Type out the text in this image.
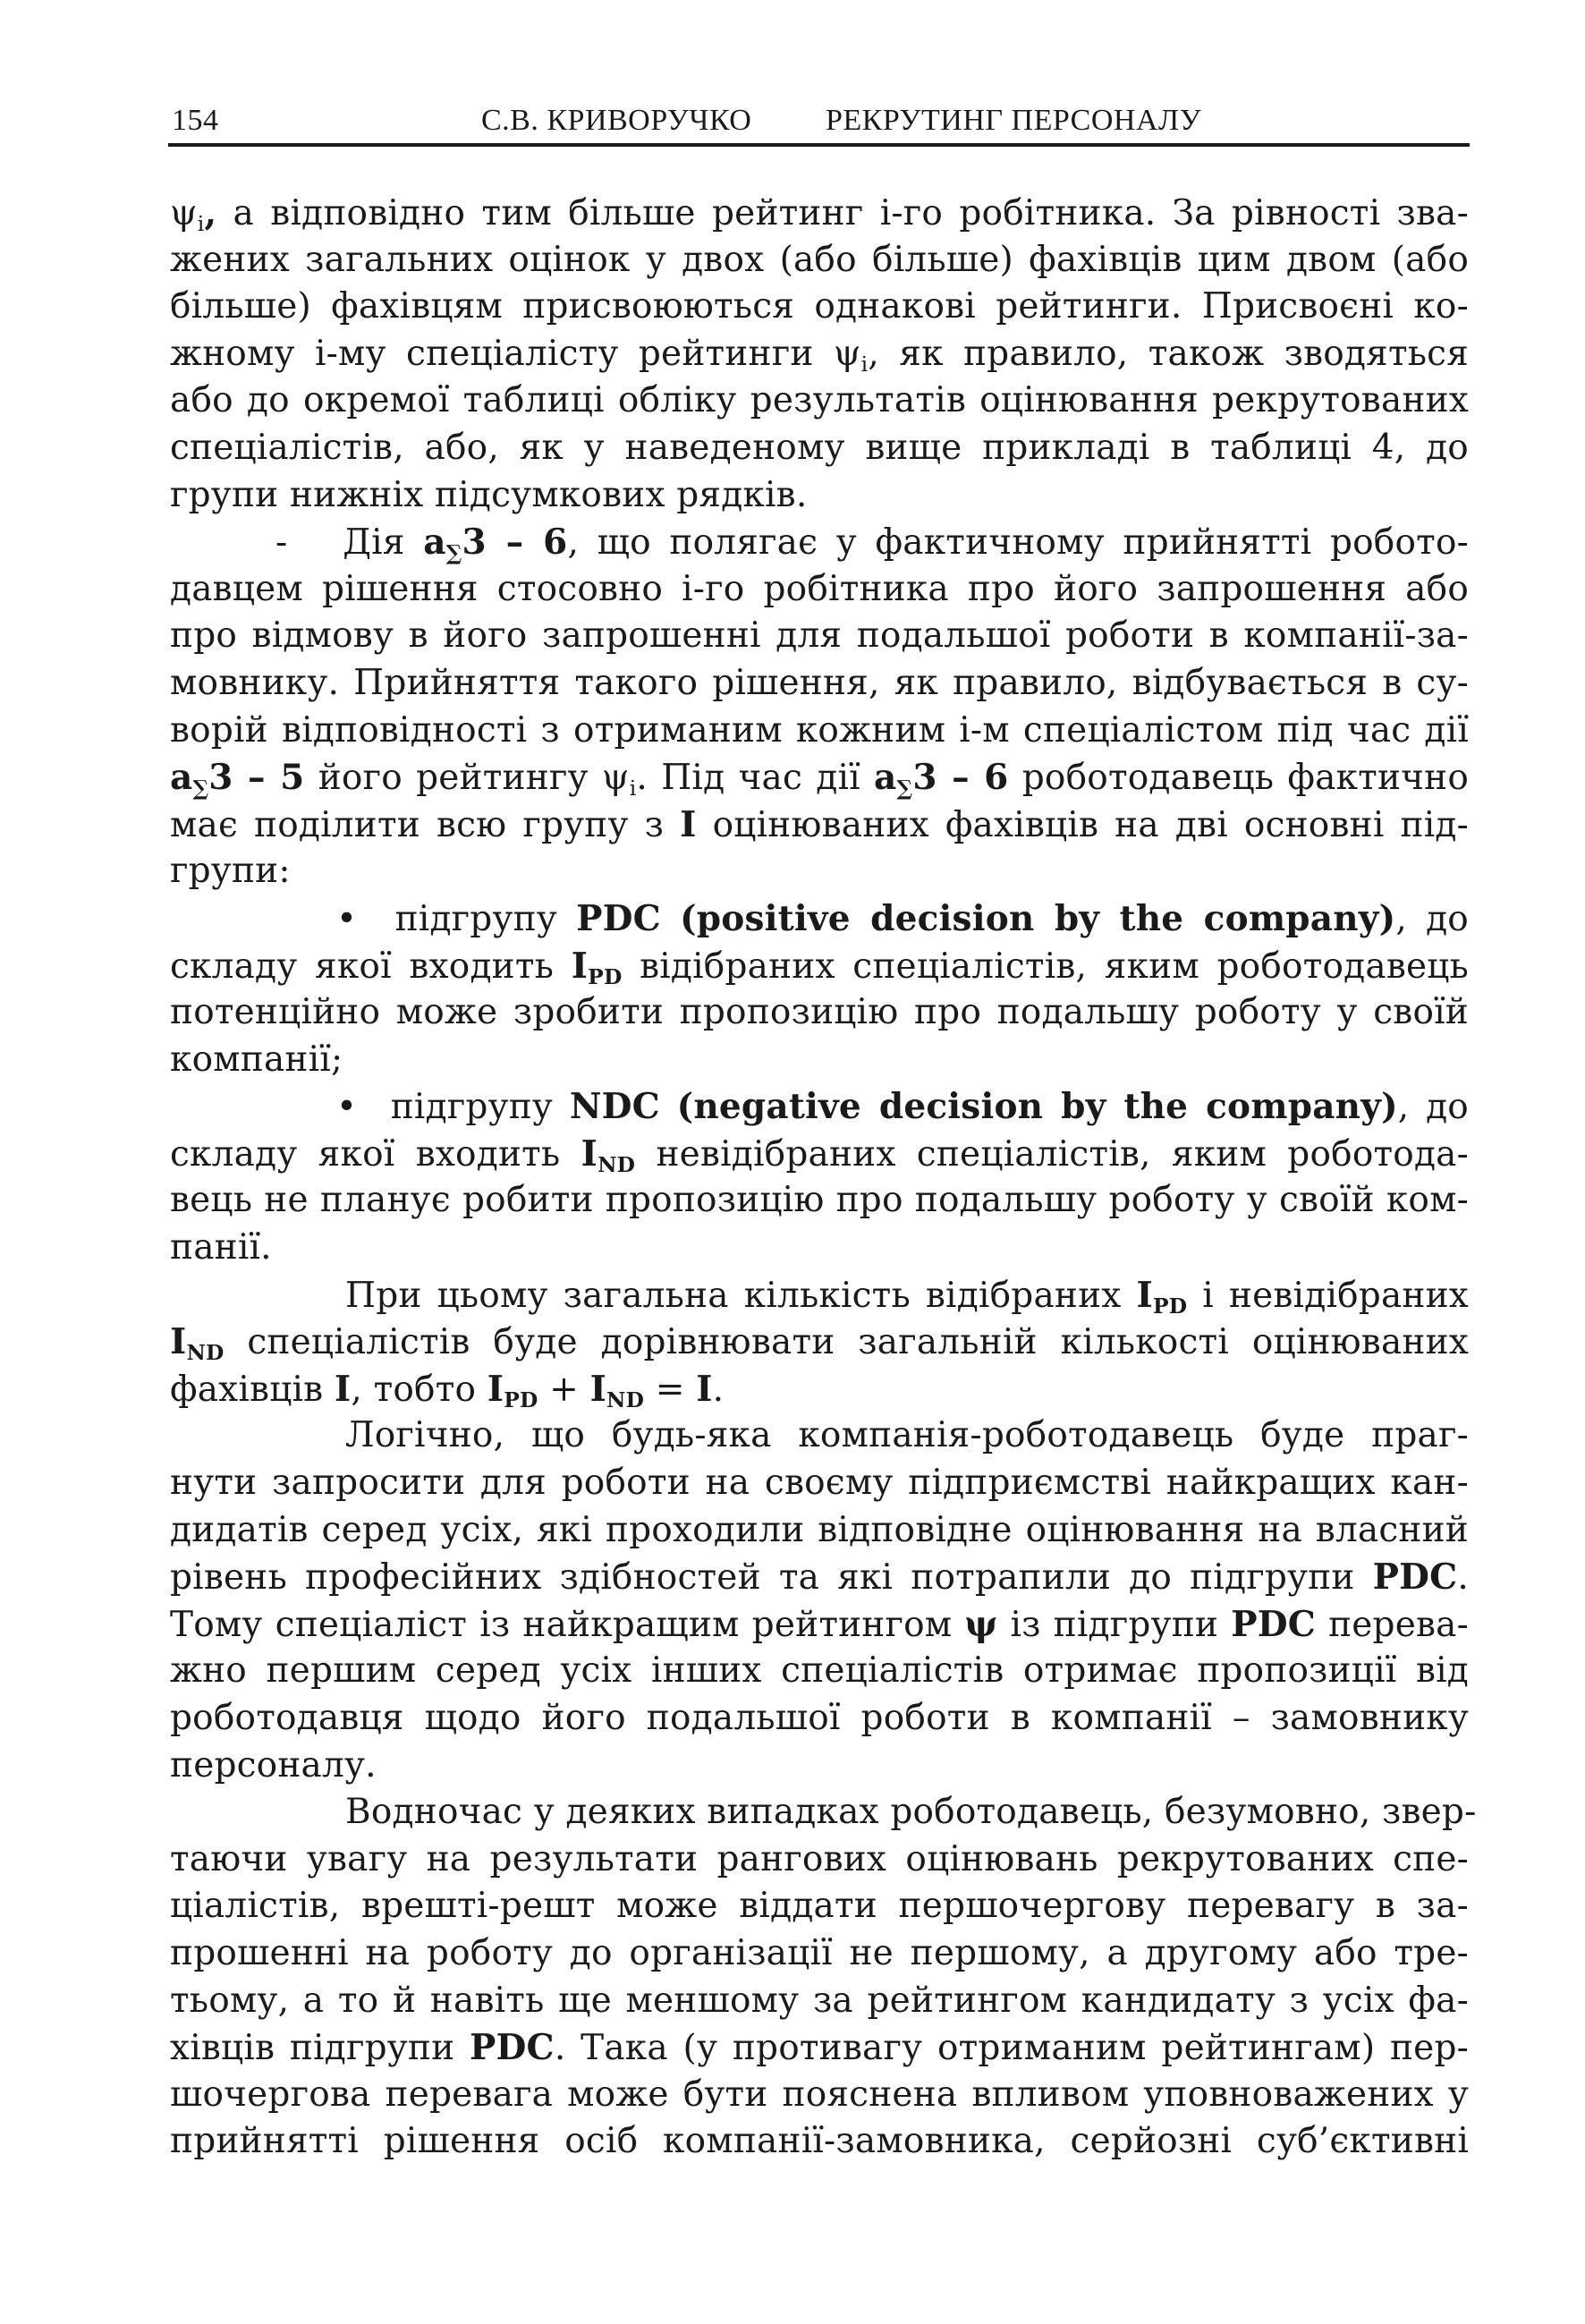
154	С.В. КРИВОРУЧКО РЕКРУТИНГ ПЕРСОНАЛУ
$\psi_i$, а відповідно тим більше рейтинг і-го робітника. За рівності зва-
жених загальних оцінок у двох (або більше) фахівців цим двом (або
більше) фахівцям присвоюються однакові рейтинги. Присвоєні ко-
жному і-му спеціалісту рейтинги $\psi_i$, як правило, також зводяться
або до окремої таблиці обліку результатів оцінювання рекрутованих
спеціалістів, або, як у наведеному вище прикладі в таблиці 4, до
групи нижніх підсумкових рядків.
-   Дія $a_\sum 3 - 6$, що полягає у фактичному прийнятті робото-
давцем рішення стосовно і-го робітника про його запрошення або
про відмову в його запрошенні для подальшої роботи в компанії-за-
мовнику. Прийняття такого рішення, як правило, відбувається в су-
ворій відповідності з отриманим кожним і-м спеціалістом під час дії
$a_\sum 3 - 5$ його рейтингу $\psi_i$. Під час дії $a_\sum 3 - 6$ роботодавець фактично
має поділити всю групу з I оцінюваних фахівців на дві основні під-
групи:
•  підгрупу PDC (positive decision by the company), до
складу якої входить $I_{PD}$ відібраних спеціалістів, яким роботодавець
потенційно може зробити пропозицію про подальшу роботу у своїй
компанії;
•  підгрупу NDC (negative decision by the company), до
складу якої входить $I_{ND}$ невідібраних спеціалістів, яким роботода-
вець не планує робити пропозицію про подальшу роботу у своїй ком-
панії.
При цьому загальна кількість відібраних $I_{PD}$ і невідібраних
$I_{ND}$ спеціалістів буде дорівнювати загальній кількості оцінюваних
фахівців I, тобто $I_{PD} + I_{ND} = I$.
Логічно, що будь-яка компанія-роботодавець буде праг-
нути запросити для роботи на своєму підприємстві найкращих кан-
дидатів серед усіх, які проходили відповідне оцінювання на власний
рівень професійних здібностей та які потрапили до підгрупи PDC.
Тому спеціаліст із найкращим рейтингом ψ із підгрупи PDC перева-
жно першим серед усіх інших спеціалістів отримає пропозиції від
роботодавця щодо його подальшої роботи в компанії – замовнику
персоналу.
Водночас у деяких випадках роботодавець, безумовно, звер-
таючи увагу на результати рангових оцінювань рекрутованих спе-
ціалістів, врешті-решт може віддати першочергову перевагу в за-
прошенні на роботу до організації не першому, а другому або тре-
тьому, а то й навіть ще меншому за рейтингом кандидату з усіх фа-
хівців підгрупи PDC. Така (у противагу отриманим рейтингам) пер-
шочергова перевага може бути пояснена впливом уповноважених у
прийнятті рішення осіб компанії-замовника, серйозні суб’єктивні
